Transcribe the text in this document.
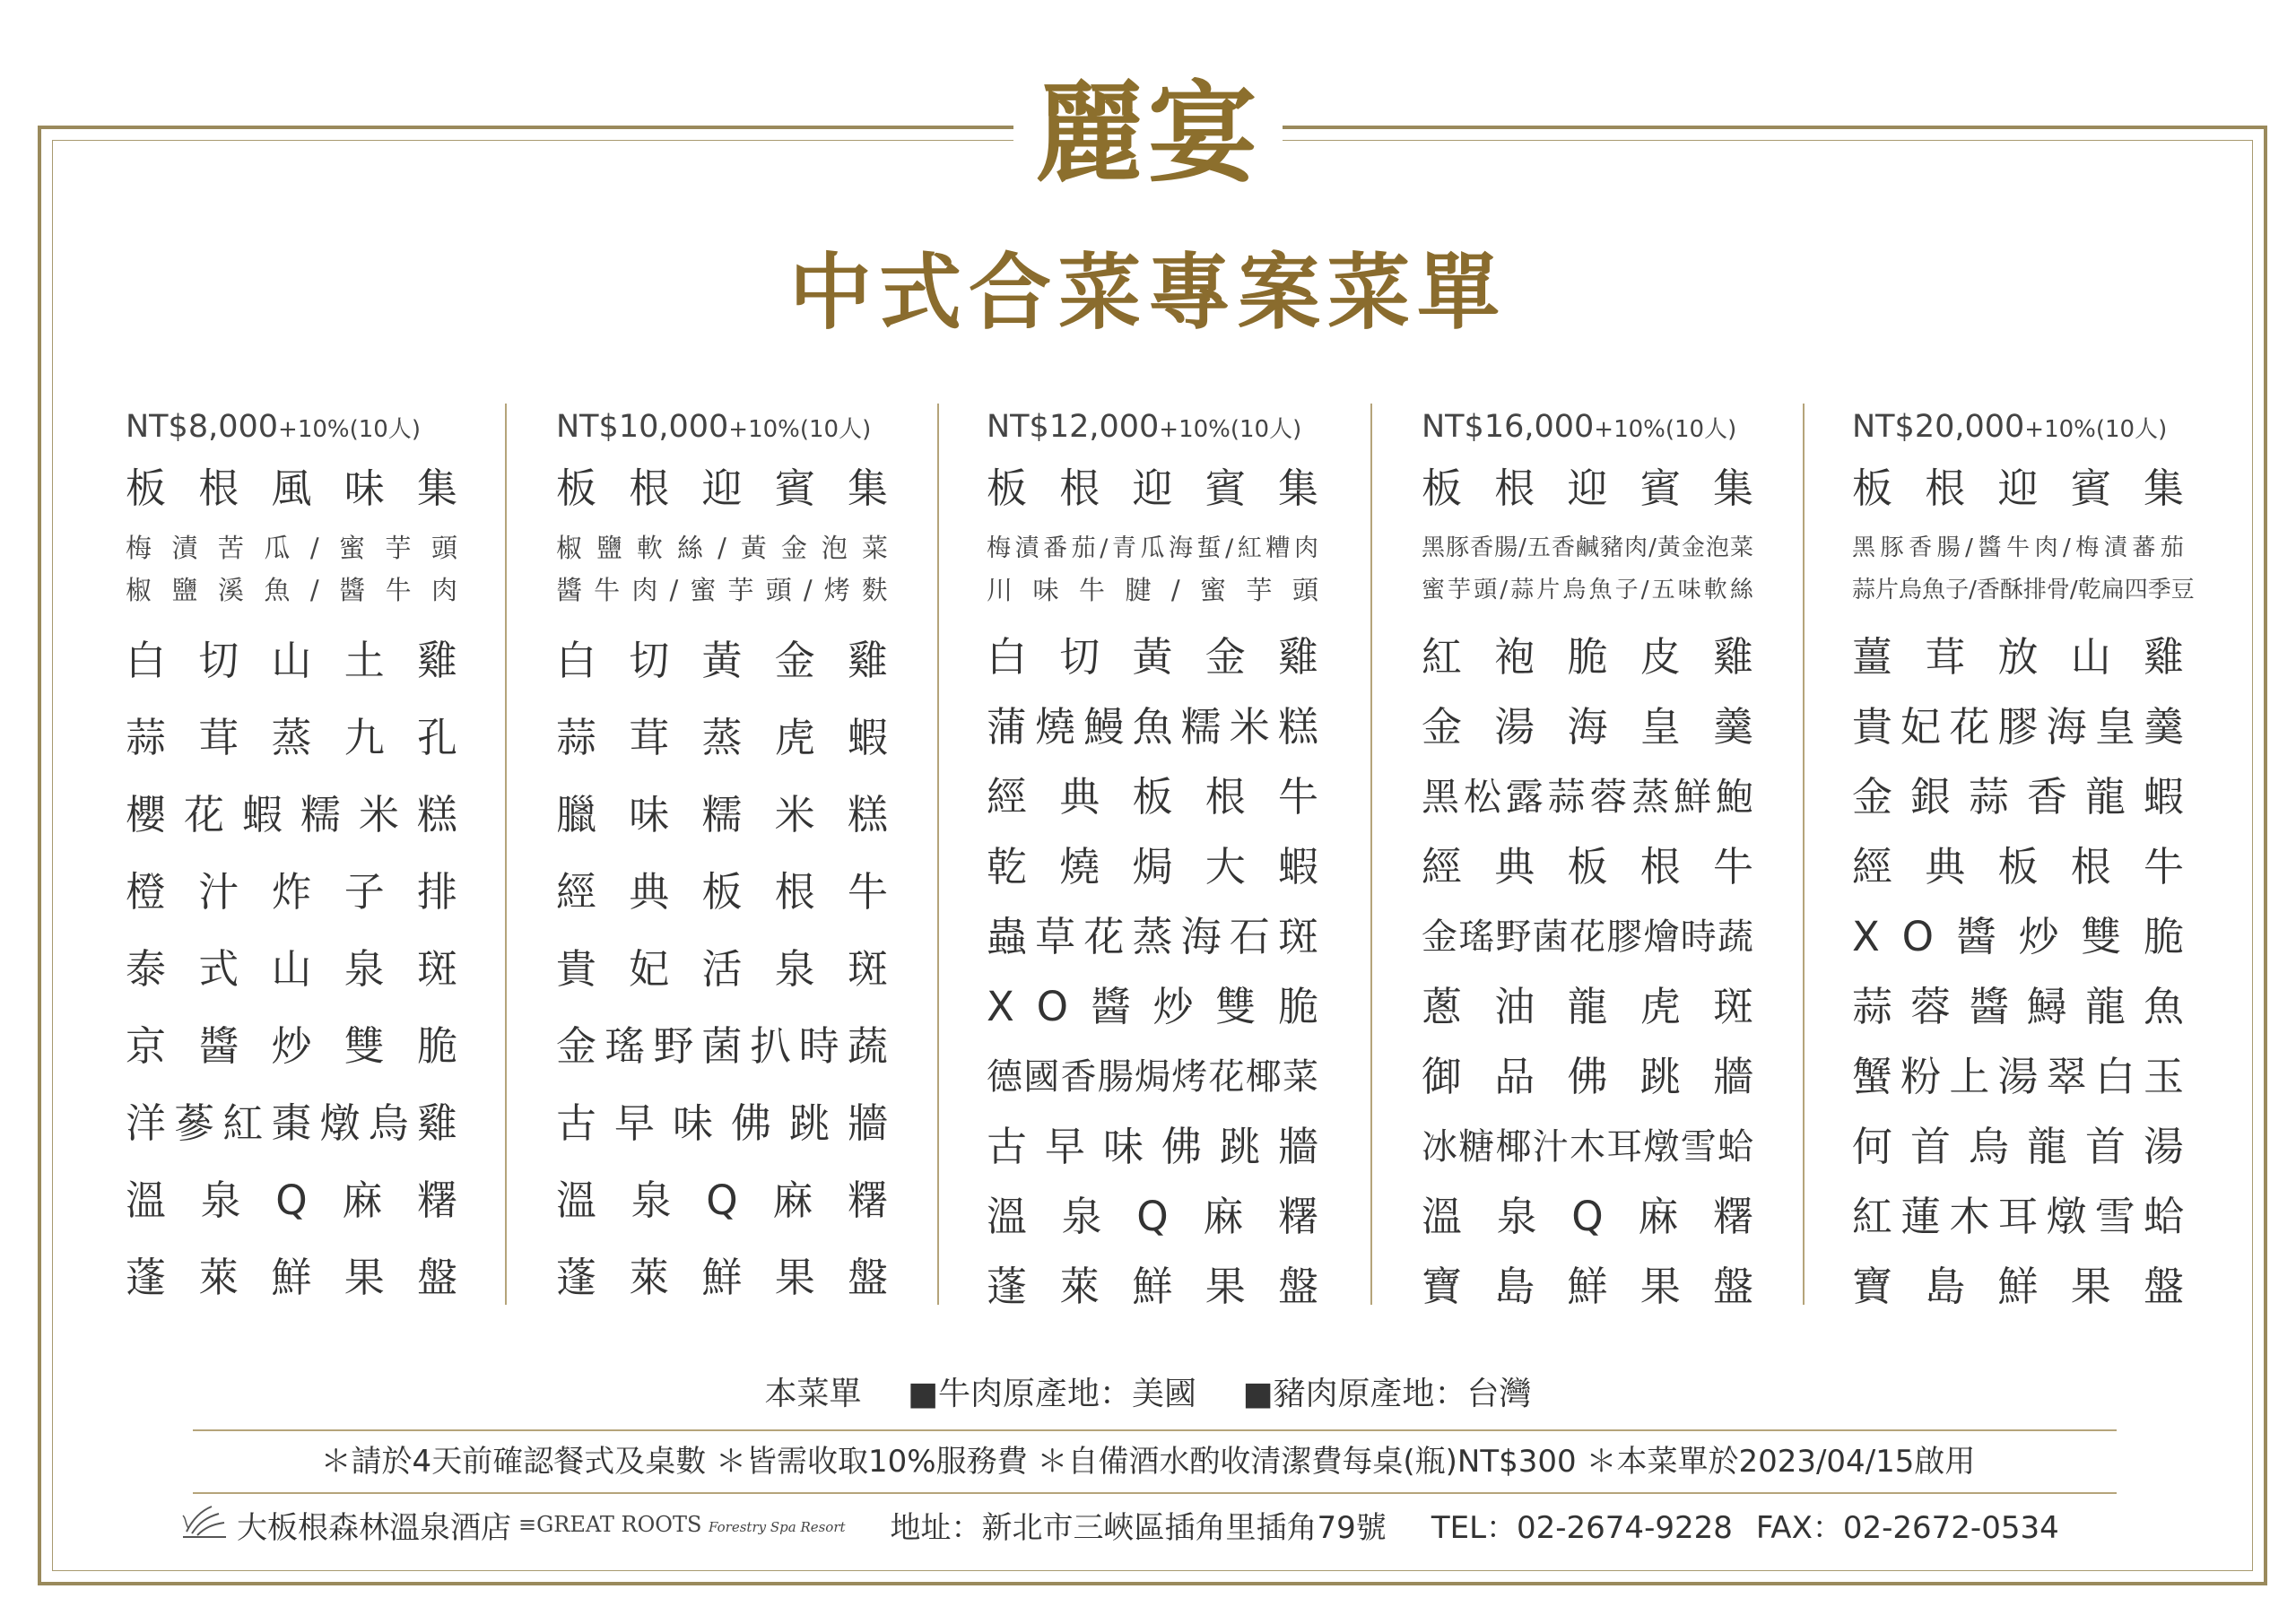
麗宴
中式合菜專案菜單
NT$8,000+10%(10人)
板 根 風 味 集
梅 漬 苦 瓜 / 蜜 芋 頭
椒 鹽 溪 魚 / 醬 牛 肉
白 切 山 土 雞
蒜 茸 蒸 九 孔
櫻 花 蝦 糯 米 糕
橙 汁 炸 子 排
泰 式 山 泉 斑
京 醬 炒 雙 脆
洋 蔘 紅 棗 燉 烏 雞
溫 泉 Q 麻 糬
蓬 萊 鮮 果 盤
NT$10,000+10%(10人)
板 根 迎 賓 集
椒 鹽 軟 絲 / 黃 金 泡 菜
醬 牛 肉 / 蜜 芋 頭 / 烤 麩
白 切 黃 金 雞
蒜 茸 蒸 虎 蝦
臘 味 糯 米 糕
經 典 板 根 牛
貴 妃 活 泉 斑
金 瑤 野 菌 扒 時 蔬
古 早 味 佛 跳 牆
溫 泉 Q 麻 糬
蓬 萊 鮮 果 盤
NT$12,000+10%(10人)
板 根 迎 賓 集
梅 漬 番 茄 / 青 瓜 海 蜇 / 紅 糟 肉
川 味 牛 腱 / 蜜 芋 頭
白 切 黃 金 雞
蒲 燒 鰻 魚 糯 米 糕
經 典 板 根 牛
乾 燒 焗 大 蝦
蟲 草 花 蒸 海 石 斑
X O 醬 炒 雙 脆
德 國 香 腸 焗 烤 花 椰 菜
古 早 味 佛 跳 牆
溫 泉 Q 麻 糬
蓬 萊 鮮 果 盤
NT$16,000+10%(10人)
板 根 迎 賓 集
黑 豚 香 腸 / 五 香 鹹 豬 肉 / 黃 金 泡 菜
蜜 芋 頭 / 蒜 片 烏 魚 子 / 五 味 軟 絲
紅 袍 脆 皮 雞
金 湯 海 皇 羹
黑 松 露 蒜 蓉 蒸 鮮 鮑
經 典 板 根 牛
金 瑤 野 菌 花 膠 燴 時 蔬
蔥 油 龍 虎 斑
御 品 佛 跳 牆
冰 糖 椰 汁 木 耳 燉 雪 蛤
溫 泉 Q 麻 糬
寶 島 鮮 果 盤
NT$20,000+10%(10人)
板 根 迎 賓 集
黑 豚 香 腸 / 醬 牛 肉 / 梅 漬 蕃 茄
蒜 片 烏 魚 子 / 香 酥 排 骨 / 乾 扁 四 季 豆
薑 茸 放 山 雞
貴 妃 花 膠 海 皇 羹
金 銀 蒜 香 龍 蝦
經 典 板 根 牛
X O 醬 炒 雙 脆
蒜 蓉 醬 鱘 龍 魚
蟹 粉 上 湯 翠 白 玉
何 首 烏 龍 首 湯
紅 蓮 木 耳 燉 雪 蛤
寶 島 鮮 果 盤
本菜單 ■牛肉原產地：美國 ■豬肉原產地：台灣
＊請於4天前確認餐式及桌數 ＊皆需收取10%服務費 ＊自備酒水酌收清潔費每桌(瓶)NT$300 ＊本菜單於2023/04/15啟用
大板根森林溫泉酒店 ≡GREAT ROOTS Forestry Spa Resort 地址：新北市三峽區插角里插角79號 TEL：02-2674-9228 FAX：02-2672-0534
